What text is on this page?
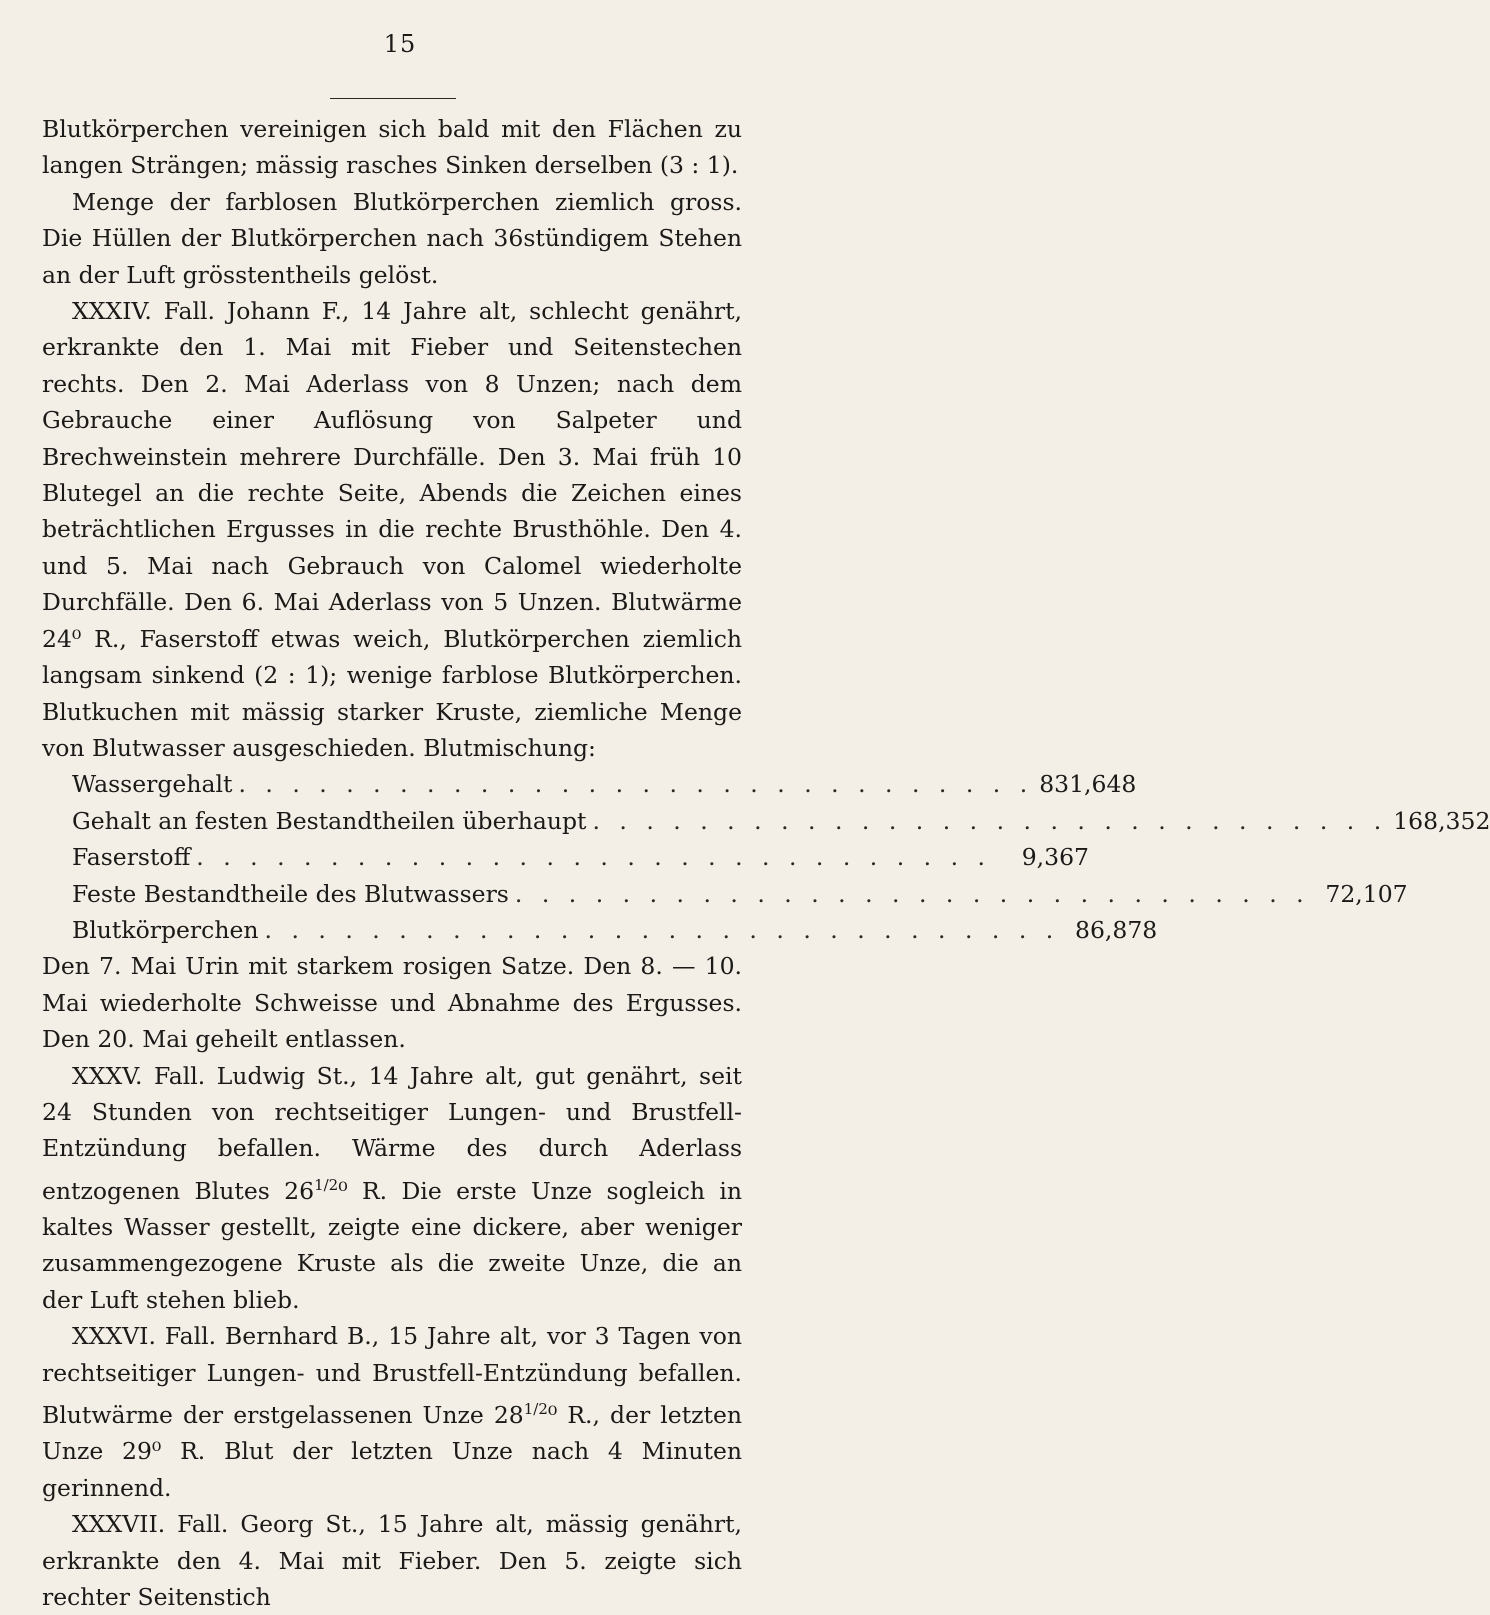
15

Blutkörperchen vereinigen sich bald mit den Flächen zu langen Strängen; mässig rasches Sinken derselben (3 : 1).

Menge der farblosen Blutkörperchen ziemlich gross. Die Hüllen der Blutkörperchen nach 36stündigem Stehen an der Luft grösstentheils gelöst.

XXXIV. Fall. Johann F., 14 Jahre alt, schlecht genährt, erkrankte den 1. Mai mit Fieber und Seitenstechen rechts. Den 2. Mai Aderlass von 8 Unzen; nach dem Gebrauche einer Auflösung von Salpeter und Brechweinstein mehrere Durchfälle. Den 3. Mai früh 10 Blutegel an die rechte Seite, Abends die Zeichen eines beträchtlichen Ergusses in die rechte Brusthöhle. Den 4. und 5. Mai nach Gebrauch von Calomel wiederholte Durchfälle. Den 6. Mai Aderlass von 5 Unzen. Blutwärme 24⁰ R., Faserstoff etwas weich, Blutkörperchen ziemlich langsam sinkend (2 : 1); wenige farblose Blutkörperchen. Blutkuchen mit mässig starker Kruste, ziemliche Menge von Blutwasser ausgeschieden. Blutmischung:

Wassergehalt . . . . . . . . . . . . . . . . . . . . . . . . . . . . . . 831,648
Gehalt an festen Bestandtheilen überhaupt . . . . . . . . . . . . . . . . . . . . . . . . . . . . . . 168,352
Faserstoff . . . . . . . . . . . . . . . . . . . . . . . . . . . . . .	9,367
Feste Bestandtheile des Blutwassers . . . . . . . . . . . . . . . . . . . . . . . . . . . . . . 72,107
Blutkörperchen . . . . . . . . . . . . . . . . . . . . . . . . . . . . . . 86,878

Den 7. Mai Urin mit starkem rosigen Satze. Den 8. — 10. Mai wiederholte Schweisse und Abnahme des Ergusses. Den 20. Mai geheilt entlassen.

XXXV. Fall. Ludwig St., 14 Jahre alt, gut genährt, seit 24 Stunden von rechtseitiger Lungen- und Brustfell-Entzündung befallen. Wärme des durch Aderlass entzogenen Blutes $26^{1/2}^0$ R. Die erste Unze sogleich in kaltes Wasser gestellt, zeigte eine dickere, aber weniger zusammengezogene Kruste als die zweite Unze, die an der Luft stehen blieb.

XXXVI. Fall. Bernhard B., 15 Jahre alt, vor 3 Tagen von rechtseitiger Lungen- und Brustfell-Entzündung befallen. Blutwärme der erstgelassenen Unze $28^{1/2}^0$ R., der letzten Unze 29⁰ R. Blut der letzten Unze nach 4 Minuten gerinnend.

XXXVII. Fall. Georg St., 15 Jahre alt, mässig genährt, erkrankte den 4. Mai mit Fieber. Den 5. zeigte sich rechter Seitenstich
